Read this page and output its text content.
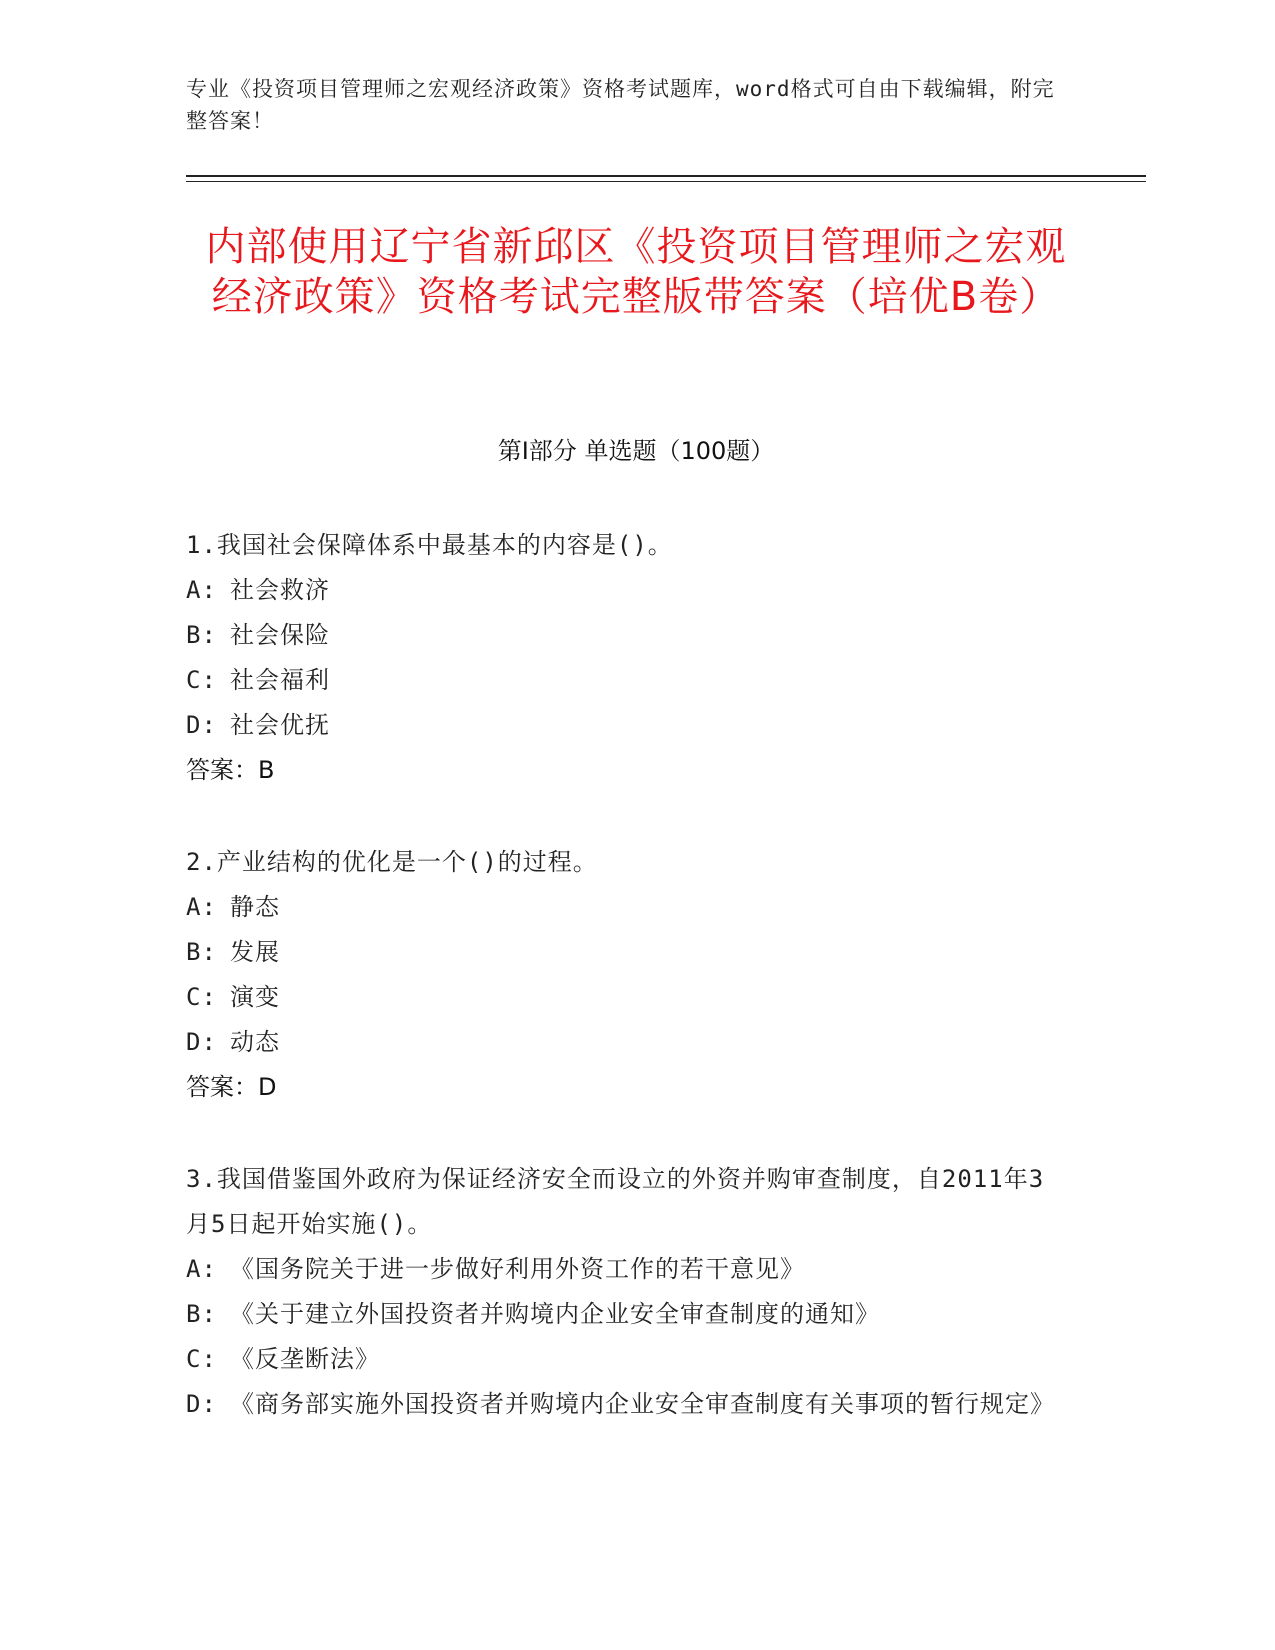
专业《投资项目管理师之宏观经济政策》资格考试题库，word格式可自由下载编辑，附完整答案！
内部使用辽宁省新邱区《投资项目管理师之宏观经济政策》资格考试完整版带答案（培优B卷）
第I部分 单选题（100题）
1.我国社会保障体系中最基本的内容是()。
A: 社会救济
B: 社会保险
C: 社会福利
D: 社会优抚
答案：B
2.产业结构的优化是一个()的过程。
A: 静态
B: 发展
C: 演变
D: 动态
答案：D
3.我国借鉴国外政府为保证经济安全而设立的外资并购审查制度，自2011年3月5日起开始实施()。
A: 《国务院关于进一步做好利用外资工作的若干意见》
B: 《关于建立外国投资者并购境内企业安全审查制度的通知》
C: 《反垄断法》
D: 《商务部实施外国投资者并购境内企业安全审查制度有关事项的暂行规定》
